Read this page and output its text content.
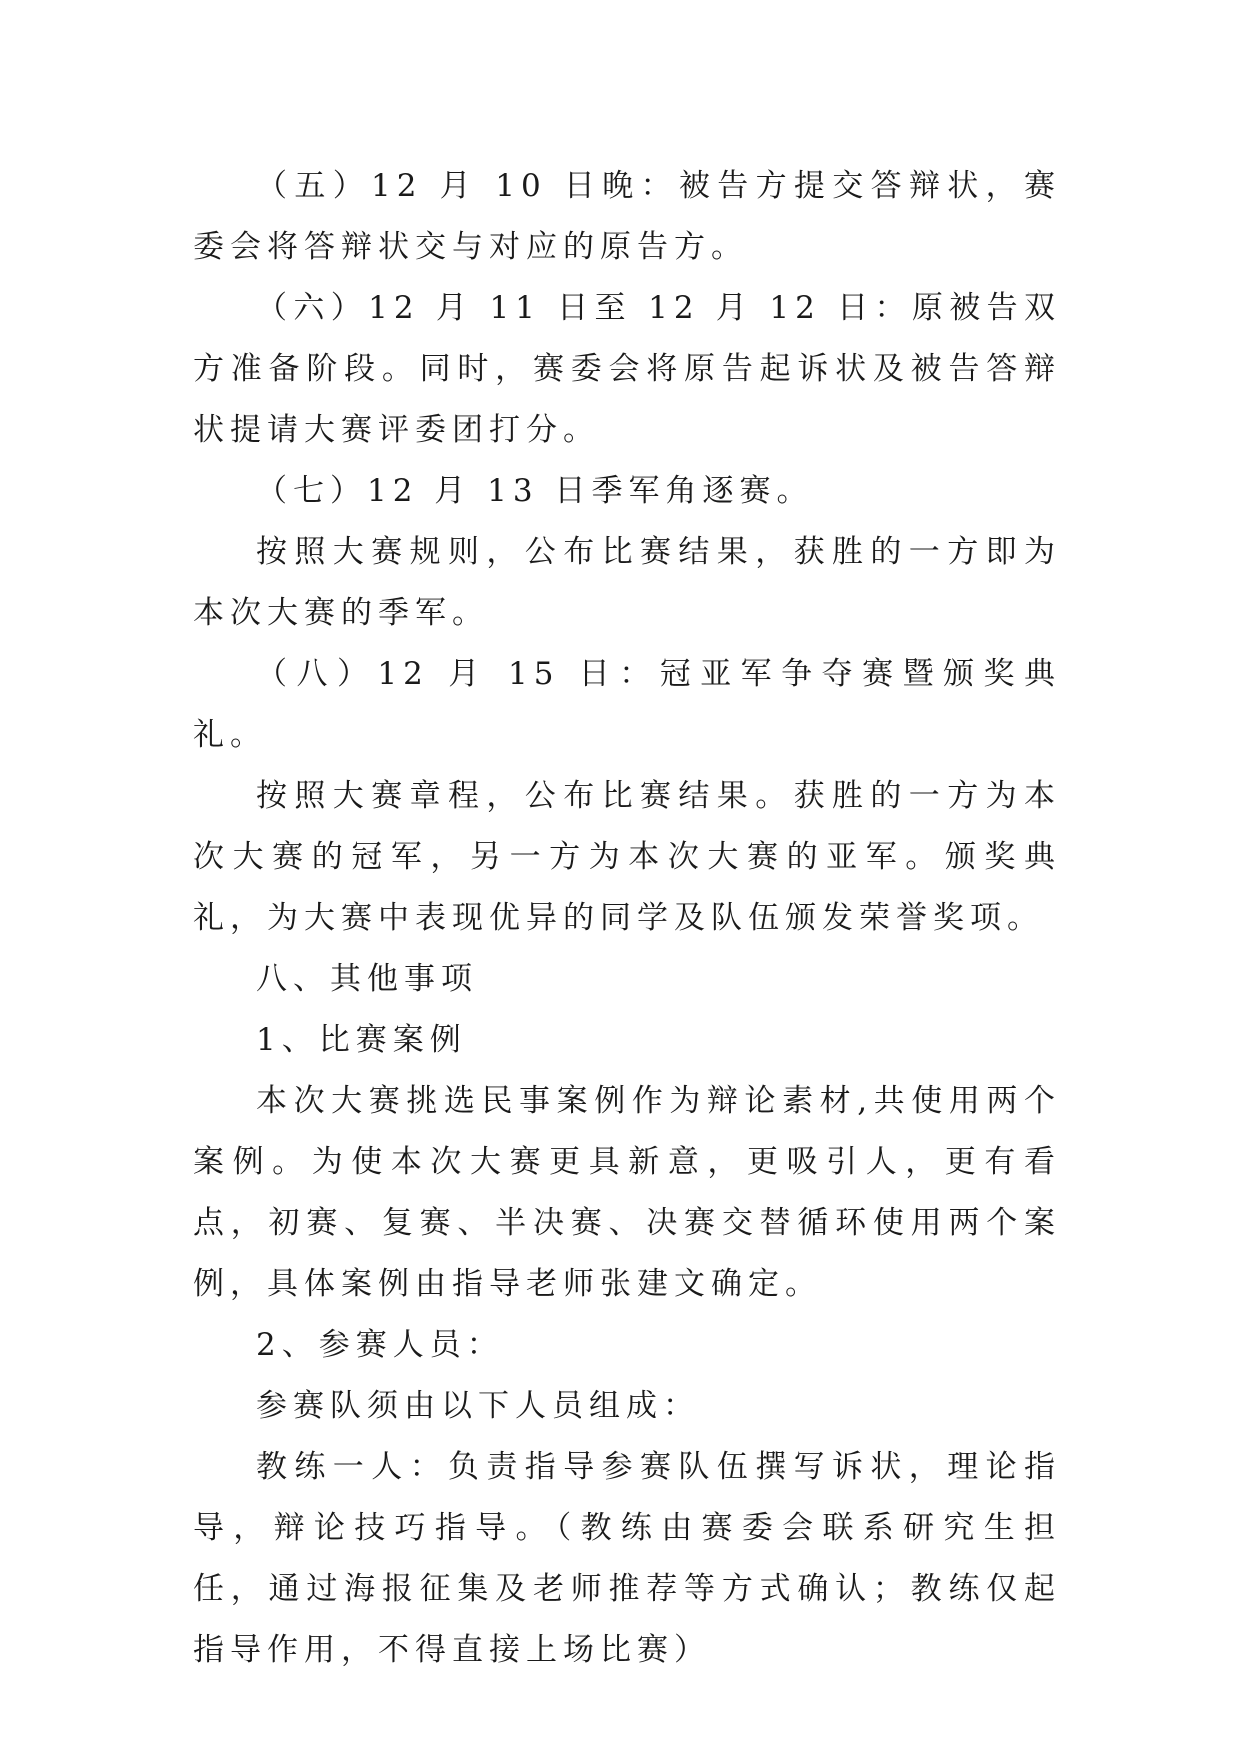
（五）12 月 10 日晚：被告方提交答辩状，赛委会将答辩状交与对应的原告方。

（六）12 月 11 日至 12 月 12 日：原被告双方准备阶段。同时，赛委会将原告起诉状及被告答辩状提请大赛评委团打分。

（七）12 月 13 日季军角逐赛。

按照大赛规则，公布比赛结果，获胜的一方即为本次大赛的季军。

（八）12 月 15 日：冠亚军争夺赛暨颁奖典礼。

按照大赛章程，公布比赛结果。获胜的一方为本次大赛的冠军，另一方为本次大赛的亚军。颁奖典礼，为大赛中表现优异的同学及队伍颁发荣誉奖项。

八、其他事项

1、比赛案例

本次大赛挑选民事案例作为辩论素材,共使用两个案例。为使本次大赛更具新意，更吸引人，更有看点，初赛、复赛、半决赛、决赛交替循环使用两个案例，具体案例由指导老师张建文确定。

2、参赛人员：

参赛队须由以下人员组成：

教练一人：负责指导参赛队伍撰写诉状，理论指导，辩论技巧指导。（教练由赛委会联系研究生担任，通过海报征集及老师推荐等方式确认；教练仅起指导作用，不得直接上场比赛）
